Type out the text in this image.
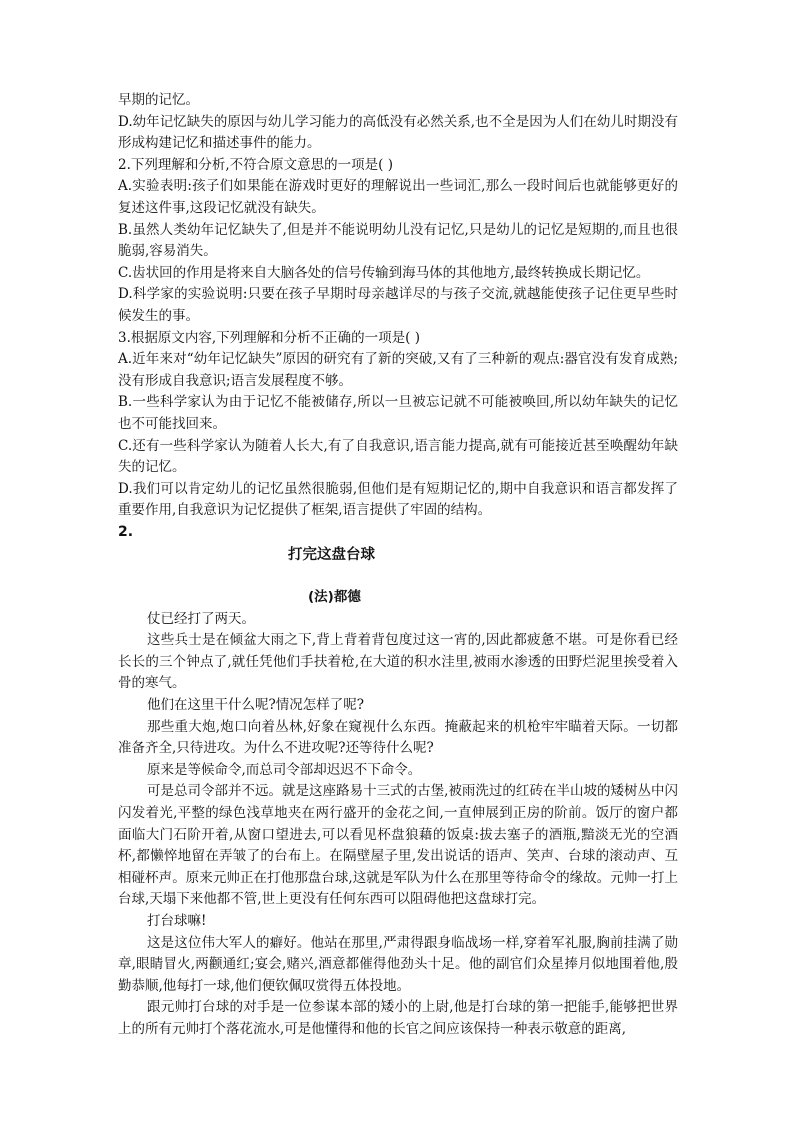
早期的记忆。

D.幼年记忆缺失的原因与幼儿学习能力的高低没有必然关系,也不全是因为人们在幼儿时期没有形成构建记忆和描述事件的能力。

2.下列理解和分析,不符合原文意思的一项是( )

A.实验表明:孩子们如果能在游戏时更好的理解说出一些词汇,那么一段时间后也就能够更好的复述这件事,这段记忆就没有缺失。

B.虽然人类幼年记忆缺失了,但是并不能说明幼儿没有记忆,只是幼儿的记忆是短期的,而且也很脆弱,容易消失。

C.齿状回的作用是将来自大脑各处的信号传输到海马体的其他地方,最终转换成长期记忆。

D.科学家的实验说明:只要在孩子早期时母亲越详尽的与孩子交流,就越能使孩子记住更早些时候发生的事。

3.根据原文内容,下列理解和分析不正确的一项是( )

A.近年来对“幼年记忆缺失”原因的研究有了新的突破,又有了三种新的观点:器官没有发育成熟;没有形成自我意识;语言发展程度不够。

B.一些科学家认为由于记忆不能被储存,所以一旦被忘记就不可能被唤回,所以幼年缺失的记忆也不可能找回来。

C.还有一些科学家认为随着人长大,有了自我意识,语言能力提高,就有可能接近甚至唤醒幼年缺失的记忆。

D.我们可以肯定幼儿的记忆虽然很脆弱,但他们是有短期记忆的,期中自我意识和语言都发挥了重要作用,自我意识为记忆提供了框架,语言提供了牢固的结构。

2.

打完这盘台球

(法)都德

仗已经打了两天。

这些兵士是在倾盆大雨之下,背上背着背包度过这一宵的,因此都疲惫不堪。可是你看已经长长的三个钟点了,就任凭他们手扶着枪,在大道的积水洼里,被雨水渗透的田野烂泥里挨受着入骨的寒气。

他们在这里干什么呢?情况怎样了呢?

那些重大炮,炮口向着丛林,好象在窥视什么东西。掩蔽起来的机枪牢牢瞄着天际。一切都准备齐全,只待进攻。为什么不进攻呢?还等待什么呢?

原来是等候命令,而总司令部却迟迟不下命令。

可是总司令部并不远。就是这座路易十三式的古堡,被雨洗过的红砖在半山坡的矮树丛中闪闪发着光,平整的绿色浅草地夹在两行盛开的金花之间,一直伸展到正房的阶前。饭厅的窗户都面临大门石阶开着,从窗口望进去,可以看见杯盘狼藉的饭桌:拔去塞子的酒瓶,黯淡无光的空酒杯,都懒悴地留在弄皱了的台布上。在隔壁屋子里,发出说话的语声、笑声、台球的滚动声、互相碰杯声。原来元帅正在打他那盘台球,这就是军队为什么在那里等待命令的缘故。元帅一打上台球,天塌下来他都不管,世上更没有任何东西可以阻碍他把这盘球打完。

打台球嘛!

这是这位伟大军人的癖好。他站在那里,严肃得跟身临战场一样,穿着军礼服,胸前挂满了勋章,眼睛冒火,两颧通红;宴会,赌兴,酒意都催得他劲头十足。他的副官们众星捧月似地围着他,殷勤恭顺,他每打一球,他们便钦佩叹赏得五体投地。

跟元帅打台球的对手是一位参谋本部的矮小的上尉,他是打台球的第一把能手,能够把世界上的所有元帅打个落花流水,可是他懂得和他的长官之间应该保持一种表示敬意的距离,
